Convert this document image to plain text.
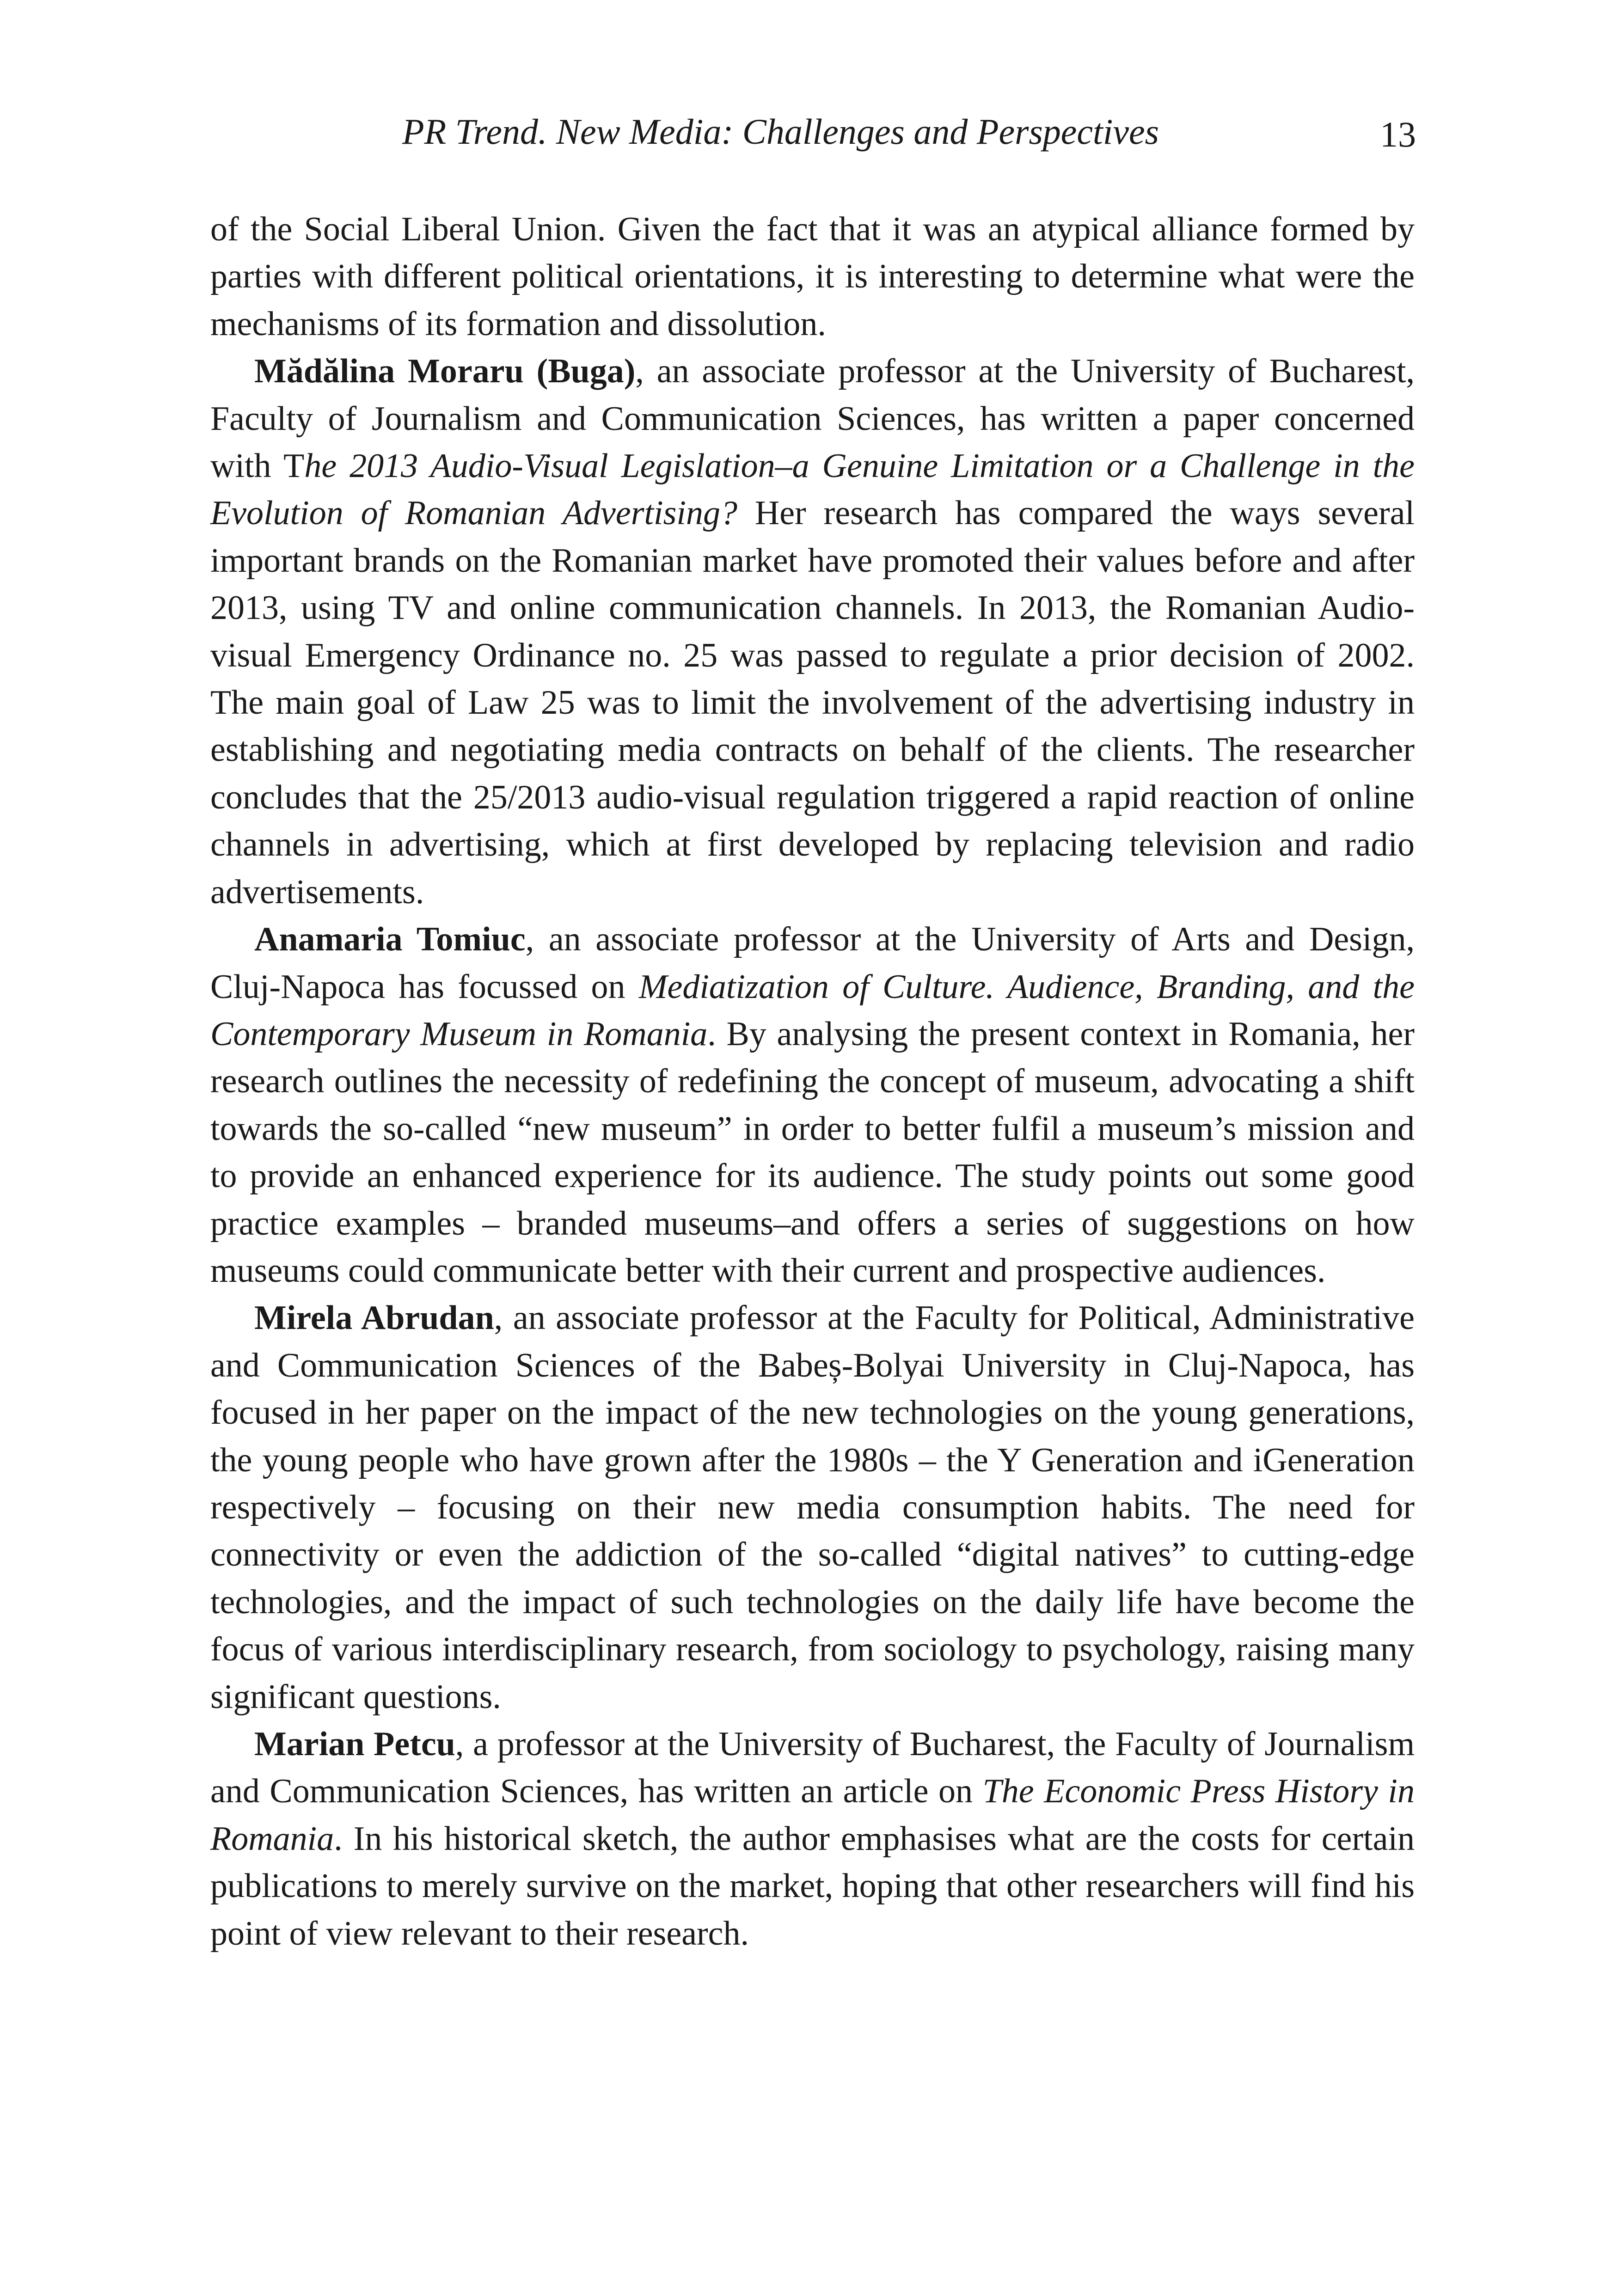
PR Trend. New Media: Challenges and Perspectives	13

of the Social Liberal Union. Given the fact that it was an atypical alliance formed by parties with different political orientations, it is interesting to determine what were the mechanisms of its formation and dissolution.

Mădălina Moraru (Buga), an associate professor at the University of Bucharest, Faculty of Journalism and Communication Sciences, has written a paper concerned with The 2013 Audio-Visual Legislation–a Genuine Limitation or a Challenge in the Evolution of Romanian Advertising? Her research has compared the ways several important brands on the Romanian market have promoted their values before and after 2013, using TV and online communication channels. In 2013, the Romanian Audio-visual Emergency Ordinance no. 25 was passed to regulate a prior decision of 2002. The main goal of Law 25 was to limit the involvement of the advertising industry in establishing and negotiating media contracts on behalf of the clients. The researcher concludes that the 25/2013 audio-visual regulation triggered a rapid reaction of online channels in advertising, which at first developed by replacing television and radio advertisements.

Anamaria Tomiuc, an associate professor at the University of Arts and Design, Cluj-Napoca has focussed on Mediatization of Culture. Audience, Branding, and the Contemporary Museum in Romania. By analysing the present context in Romania, her research outlines the necessity of redefining the concept of museum, advocating a shift towards the so-called “new museum” in order to better fulfil a museum’s mission and to provide an enhanced experience for its audience. The study points out some good practice examples – branded museums–and offers a series of suggestions on how museums could communicate better with their current and prospective audiences.

Mirela Abrudan, an associate professor at the Faculty for Political, Administrative and Communication Sciences of the Babeș-Bolyai University in Cluj-Napoca, has focused in her paper on the impact of the new technologies on the young generations, the young people who have grown after the 1980s – the Y Generation and iGeneration respectively – focusing on their new media consumption habits. The need for connectivity or even the addiction of the so-called “digital natives” to cutting-edge technologies, and the impact of such technologies on the daily life have become the focus of various interdisciplinary research, from sociology to psychology, raising many significant questions.

Marian Petcu, a professor at the University of Bucharest, the Faculty of Journalism and Communication Sciences, has written an article on The Economic Press History in Romania. In his historical sketch, the author emphasises what are the costs for certain publications to merely survive on the market, hoping that other researchers will find his point of view relevant to their research.
